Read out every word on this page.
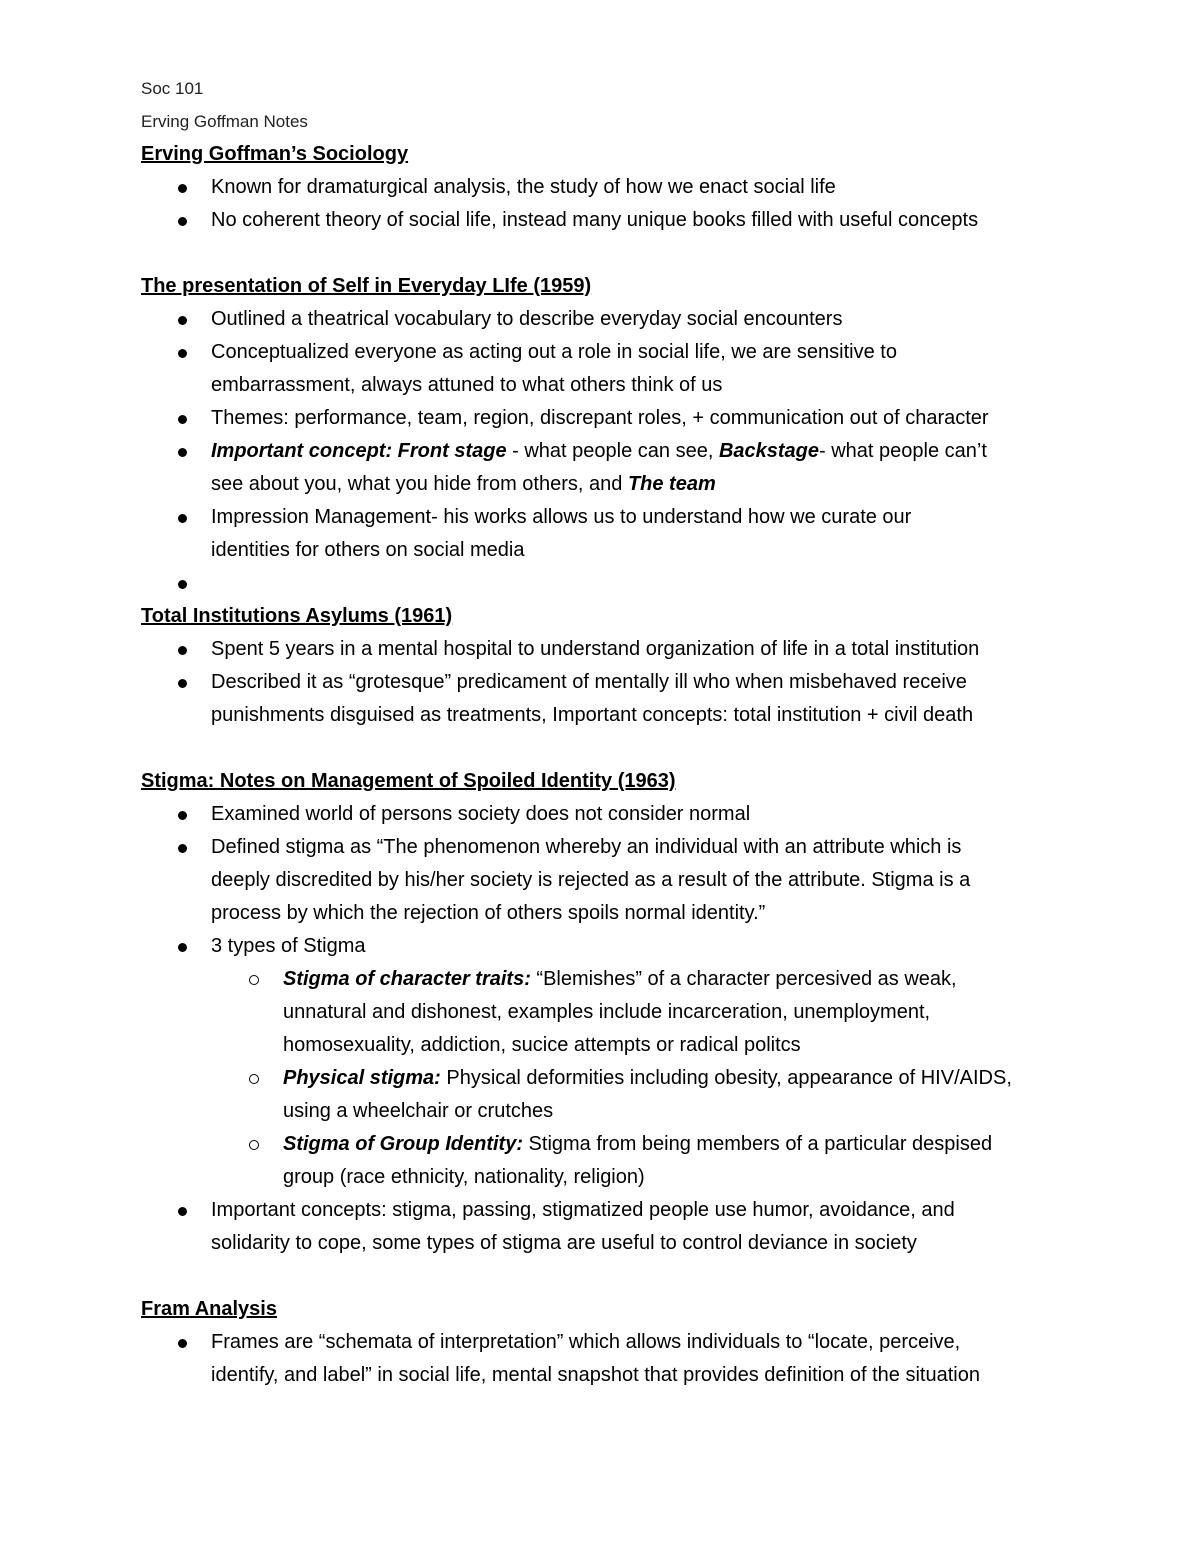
Soc 101
Erving Goffman Notes
Erving Goffman’s Sociology
Known for dramaturgical analysis, the study of how we enact social life
No coherent theory of social life, instead many unique books filled with useful concepts
The presentation of Self in Everyday LIfe (1959)
Outlined a theatrical vocabulary to describe everyday social encounters
Conceptualized everyone as acting out a role in social life, we are sensitive to
embarrassment, always attuned to what others think of us
Themes: performance, team, region, discrepant roles, + communication out of character
Important concept: Front stage - what people can see, Backstage- what people can’t
see about you, what you hide from others, and The team
Impression Management- his works allows us to understand how we curate our
identities for others on social media

Total Institutions Asylums (1961)
Spent 5 years in a mental hospital to understand organization of life in a total institution
Described it as “grotesque” predicament of mentally ill who when misbehaved receive
punishments disguised as treatments, Important concepts: total institution + civil death
Stigma: Notes on Management of Spoiled Identity (1963)
Examined world of persons society does not consider normal
Defined stigma as “The phenomenon whereby an individual with an attribute which is
deeply discredited by his/her society is rejected as a result of the attribute. Stigma is a
process by which the rejection of others spoils normal identity.”
3 types of Stigma
Stigma of character traits: “Blemishes” of a character percesived as weak,
unnatural and dishonest, examples include incarceration, unemployment,
homosexuality, addiction, sucice attempts or radical politcs
Physical stigma: Physical deformities including obesity, appearance of HIV/AIDS,
using a wheelchair or crutches
Stigma of Group Identity: Stigma from being members of a particular despised
group (race ethnicity, nationality, religion)
Important concepts: stigma, passing, stigmatized people use humor, avoidance, and
solidarity to cope, some types of stigma are useful to control deviance in society
Fram Analysis
Frames are “schemata of interpretation” which allows individuals to “locate, perceive,
identify, and label” in social life, mental snapshot that provides definition of the situation
